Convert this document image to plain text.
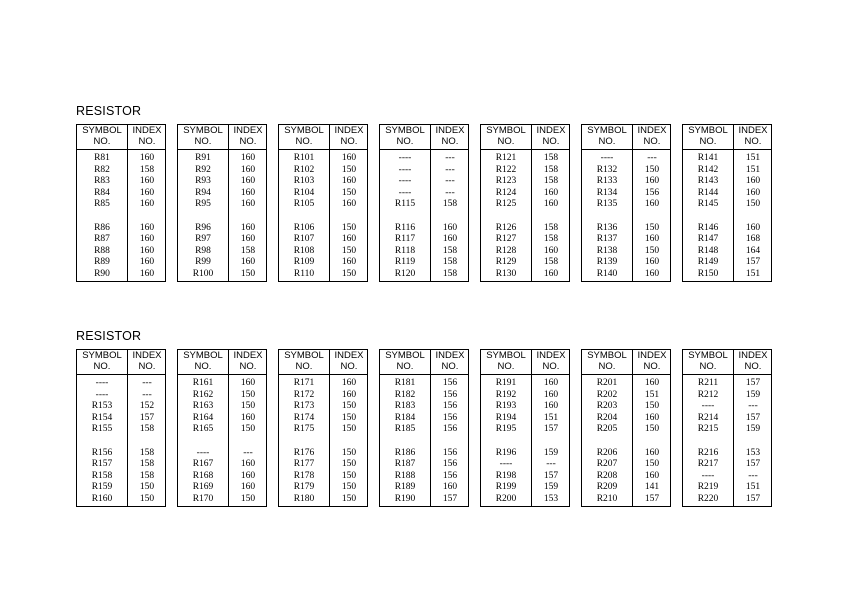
RESISTOR
SYMBOL
NO.
INDEX
NO.
R81	160
R82	158
R83	160
R84	160
R85	160
R86	160
R87	160
R88	160
R89	160
R90	160
SYMBOL
NO.
INDEX
NO.
R91	160
R92	160
R93	160
R94	160
R95	160
R96	160
R97	160
R98	158
R99	160
R100	150
SYMBOL
NO.
INDEX
NO.
R101	160
R102	150
R103	160
R104	150
R105	160
R106	150
R107	160
R108	150
R109	160
R110	150
SYMBOL
NO.
INDEX
NO.
----	---
----	---
----	---
----	---
R115	158
R116	160
R117	160
R118	158
R119	158
R120	158
SYMBOL
NO.
INDEX
NO.
R121	158
R122	158
R123	158
R124	160
R125	160
R126	158
R127	158
R128	160
R129	158
R130	160
SYMBOL
NO.
INDEX
NO.
----	---
R132	150
R133	160
R134	156
R135	160
R136	150
R137	160
R138	150
R139	160
R140	160
SYMBOL
NO.
INDEX
NO.
R141	151
R142	151
R143	160
R144	160
R145	150
R146	160
R147	168
R148	164
R149	157
R150	151
RESISTOR
SYMBOL
NO.
INDEX
NO.
----	---
----	---
R153	152
R154	157
R155	158
R156	158
R157	158
R158	158
R159	150
R160	150
SYMBOL
NO.
INDEX
NO.
R161	160
R162	150
R163	150
R164	160
R165	150
----	---
R167	160
R168	160
R169	160
R170	150
SYMBOL
NO.
INDEX
NO.
R171	160
R172	160
R173	150
R174	150
R175	150
R176	150
R177	150
R178	150
R179	150
R180	150
SYMBOL
NO.
INDEX
NO.
R181	156
R182	156
R183	156
R184	156
R185	156
R186	156
R187	156
R188	156
R189	160
R190	157
SYMBOL
NO.
INDEX
NO.
R191	160
R192	160
R193	160
R194	151
R195	157
R196	159
----	---
R198	157
R199	159
R200	153
SYMBOL
NO.
INDEX
NO.
R201	160
R202	151
R203	150
R204	160
R205	150
R206	160
R207	150
R208	160
R209	141
R210	157
SYMBOL
NO.
INDEX
NO.
R211	157
R212	159
----	---
R214	157
R215	159
R216	153
R217	157
----	---
R219	151
R220	157
